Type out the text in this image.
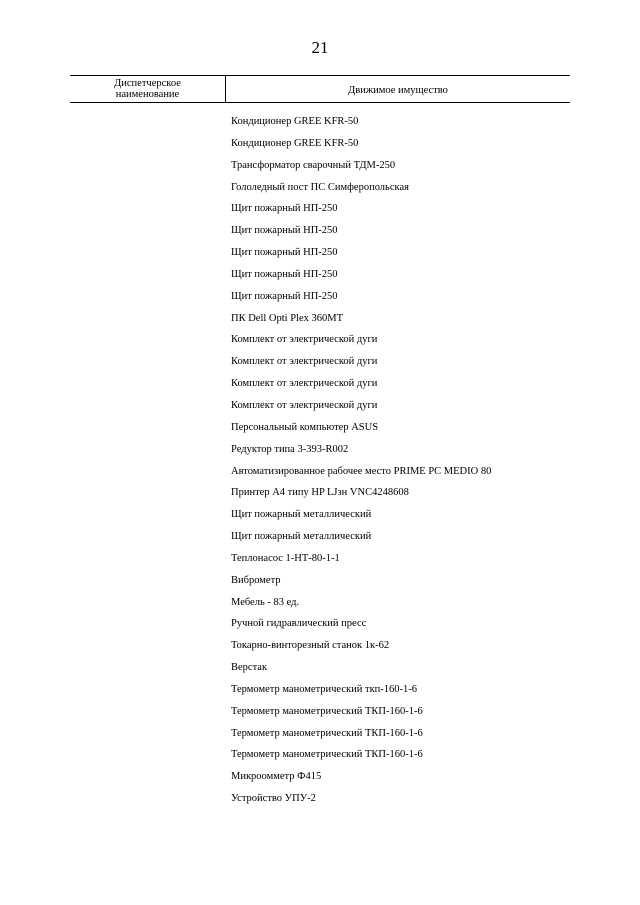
21
Диспетчерское
наименование	Движимое имущество
Кондиционер GREE KFR-50
Кондиционер GREE KFR-50
Трансформатор сварочный ТДМ-250
Гололедный пост ПС Симферопольская
Щит пожарный НП-250
Щит пожарный НП-250
Щит пожарный НП-250
Щит пожарный НП-250
Щит пожарный НП-250
ПК Dell Opti Plex 360MT
Комплект от электрической дуги
Комплект от электрической дуги
Комплект от электрической дуги
Комплект от электрической дуги
Персональный компьютер ASUS
Редуктор типа 3-393-R002
Автоматизированное рабочее место PRIME PC MEDIO 80
Принтер А4 типу HP LJзн VNC4248608
Щит пожарный металлический
Щит пожарный металлический
Теплонасос 1-НТ-80-1-1
Виброметр
Мебель - 83 ед.
Ручной гидравлический пресс
Токарно-винторезный станок 1к-62
Верстак
Термометр манометрический ткп-160-1-6
Термометр манометрический ТКП-160-1-6
Термометр манометрический ТКП-160-1-6
Термометр манометрический ТКП-160-1-6
Микроомметр Ф415
Устройство УПУ-2
